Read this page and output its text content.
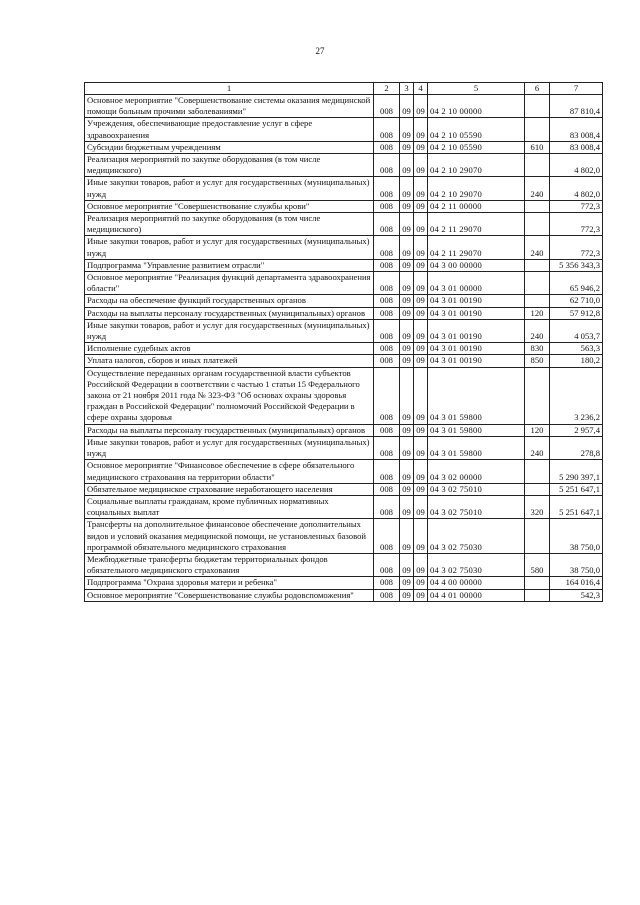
27
1	2	3	4	5	6	7
Основное мероприятие "Совершенствование системы оказания медицинской помощи больным прочими заболеваниями"	008	09	09	04 2 10 00000		87 810,4
Учреждения, обеспечивающие предоставление услуг в сфере здравоохранения	008	09	09	04 2 10 05590		83 008,4
Субсидии бюджетным учреждениям	008	09	09	04 2 10 05590	610	83 008,4
Реализация мероприятий по закупке оборудования (в том числе медицинского)	008	09	09	04 2 10 29070		4 802,0
Иные закупки товаров, работ и услуг для государственных (муниципальных) нужд	008	09	09	04 2 10 29070	240	4 802,0
Основное мероприятие "Совершенствование службы крови"	008	09	09	04 2 11 00000		772,3
Реализация мероприятий по закупке оборудования (в том числе медицинского)	008	09	09	04 2 11 29070		772,3
Иные закупки товаров, работ и услуг для государственных (муниципальных) нужд	008	09	09	04 2 11 29070	240	772,3
Подпрограмма "Управление развитием отрасли"	008	09	09	04 3 00 00000		5 356 343,3
Основное мероприятие "Реализация функций департамента здравоохранения области"	008	09	09	04 3 01 00000		65 946,2
Расходы на обеспечение функций государственных органов	008	09	09	04 3 01 00190		62 710,0
Расходы на выплаты персоналу государственных (муниципальных) органов	008	09	09	04 3 01 00190	120	57 912,8
Иные закупки товаров, работ и услуг для государственных (муниципальных) нужд	008	09	09	04 3 01 00190	240	4 053,7
Исполнение судебных актов	008	09	09	04 3 01 00190	830	563,3
Уплата налогов, сборов и иных платежей	008	09	09	04 3 01 00190	850	180,2
Осуществление переданных органам государственной власти субъектов Российской Федерации в соответствии с частью 1 статьи 15 Федерального закона от 21 ноября 2011 года № 323-ФЗ "Об основах охраны здоровья граждан в Российской Федерации" полномочий Российской Федерации в сфере охраны здоровья	008	09	09	04 3 01 59800		3 236,2
Расходы на выплаты персоналу государственных (муниципальных) органов	008	09	09	04 3 01 59800	120	2 957,4
Иные закупки товаров, работ и услуг для государственных (муниципальных) нужд	008	09	09	04 3 01 59800	240	278,8
Основное мероприятие "Финансовое обеспечение в сфере обязательного медицинского страхования на территории области"	008	09	09	04 3 02 00000		5 290 397,1
Обязательное медицинское страхование неработающего населения	008	09	09	04 3 02 75010		5 251 647,1
Социальные выплаты гражданам, кроме публичных нормативных социальных выплат	008	09	09	04 3 02 75010	320	5 251 647,1
Трансферты на дополнительное финансовое обеспечение дополнительных видов и условий оказания медицинской помощи, не установленных базовой программой обязательного медицинского страхования	008	09	09	04 3 02 75030		38 750,0
Межбюджетные трансферты бюджетам территориальных фондов обязательного медицинского страхования	008	09	09	04 3 02 75030	580	38 750,0
Подпрограмма "Охрана здоровья матери и ребенка"	008	09	09	04 4 00 00000		164 016,4
Основное мероприятие "Совершенствование службы родовспоможения"	008	09	09	04 4 01 00000		542,3
